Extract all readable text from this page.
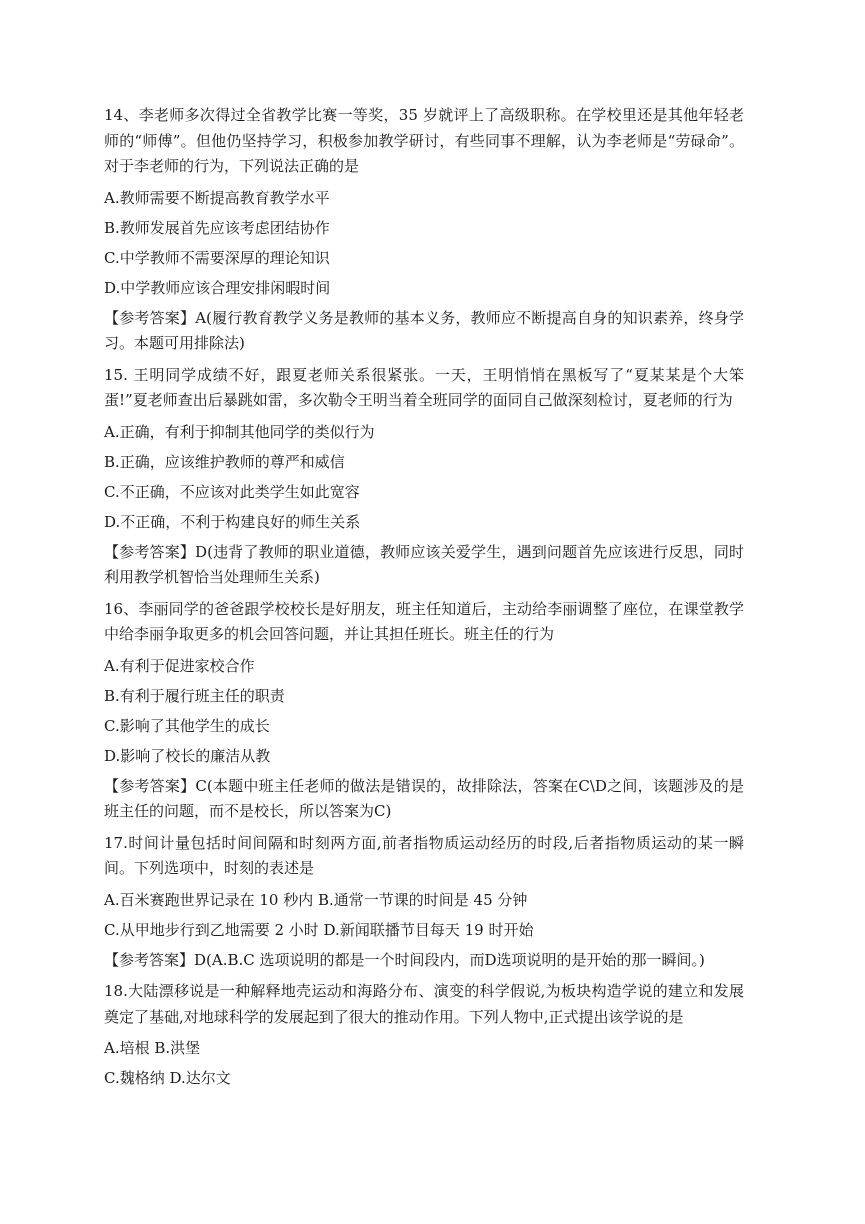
14、李老师多次得过全省教学比赛一等奖，35 岁就评上了高级职称。在学校里还是其他年轻老师的“师傅”。但他仍坚持学习，积极参加教学研讨，有些同事不理解，认为李老师是“劳碌命”。对于李老师的行为，下列说法正确的是

A.教师需要不断提高教育教学水平

B.教师发展首先应该考虑团结协作

C.中学教师不需要深厚的理论知识

D.中学教师应该合理安排闲暇时间

【参考答案】A(履行教育教学义务是教师的基本义务，教师应不断提高自身的知识素养，终身学习。本题可用排除法)

15. 王明同学成绩不好，跟夏老师关系很紧张。一天，王明悄悄在黑板写了“夏某某是个大笨蛋!”夏老师查出后暴跳如雷，多次勒令王明当着全班同学的面同自己做深刻检讨，夏老师的行为

A.正确，有利于抑制其他同学的类似行为

B.正确，应该维护教师的尊严和威信

C.不正确，不应该对此类学生如此宽容

D.不正确，不利于构建良好的师生关系

【参考答案】D(违背了教师的职业道德，教师应该关爱学生，遇到问题首先应该进行反思，同时利用教学机智恰当处理师生关系)

16、李丽同学的爸爸跟学校校长是好朋友，班主任知道后，主动给李丽调整了座位，在课堂教学中给李丽争取更多的机会回答问题，并让其担任班长。班主任的行为

A.有利于促进家校合作

B.有利于履行班主任的职责

C.影响了其他学生的成长

D.影响了校长的廉洁从教

【参考答案】C(本题中班主任老师的做法是错误的，故排除法，答案在C\D之间，该题涉及的是班主任的问题，而不是校长，所以答案为C)

17.时间计量包括时间间隔和时刻两方面,前者指物质运动经历的时段,后者指物质运动的某一瞬间。下列选项中，时刻的表述是

A.百米赛跑世界记录在 10 秒内 B.通常一节课的时间是 45 分钟

C.从甲地步行到乙地需要 2 小时 D.新闻联播节目每天 19 时开始

【参考答案】D(A.B.C 选项说明的都是一个时间段内，而D选项说明的是开始的那一瞬间。)

18.大陆漂移说是一种解释地壳运动和海路分布、演变的科学假说,为板块构造学说的建立和发展奠定了基础,对地球科学的发展起到了很大的推动作用。下列人物中,正式提出该学说的是

A.培根 B.洪堡

C.魏格纳 D.达尔文
